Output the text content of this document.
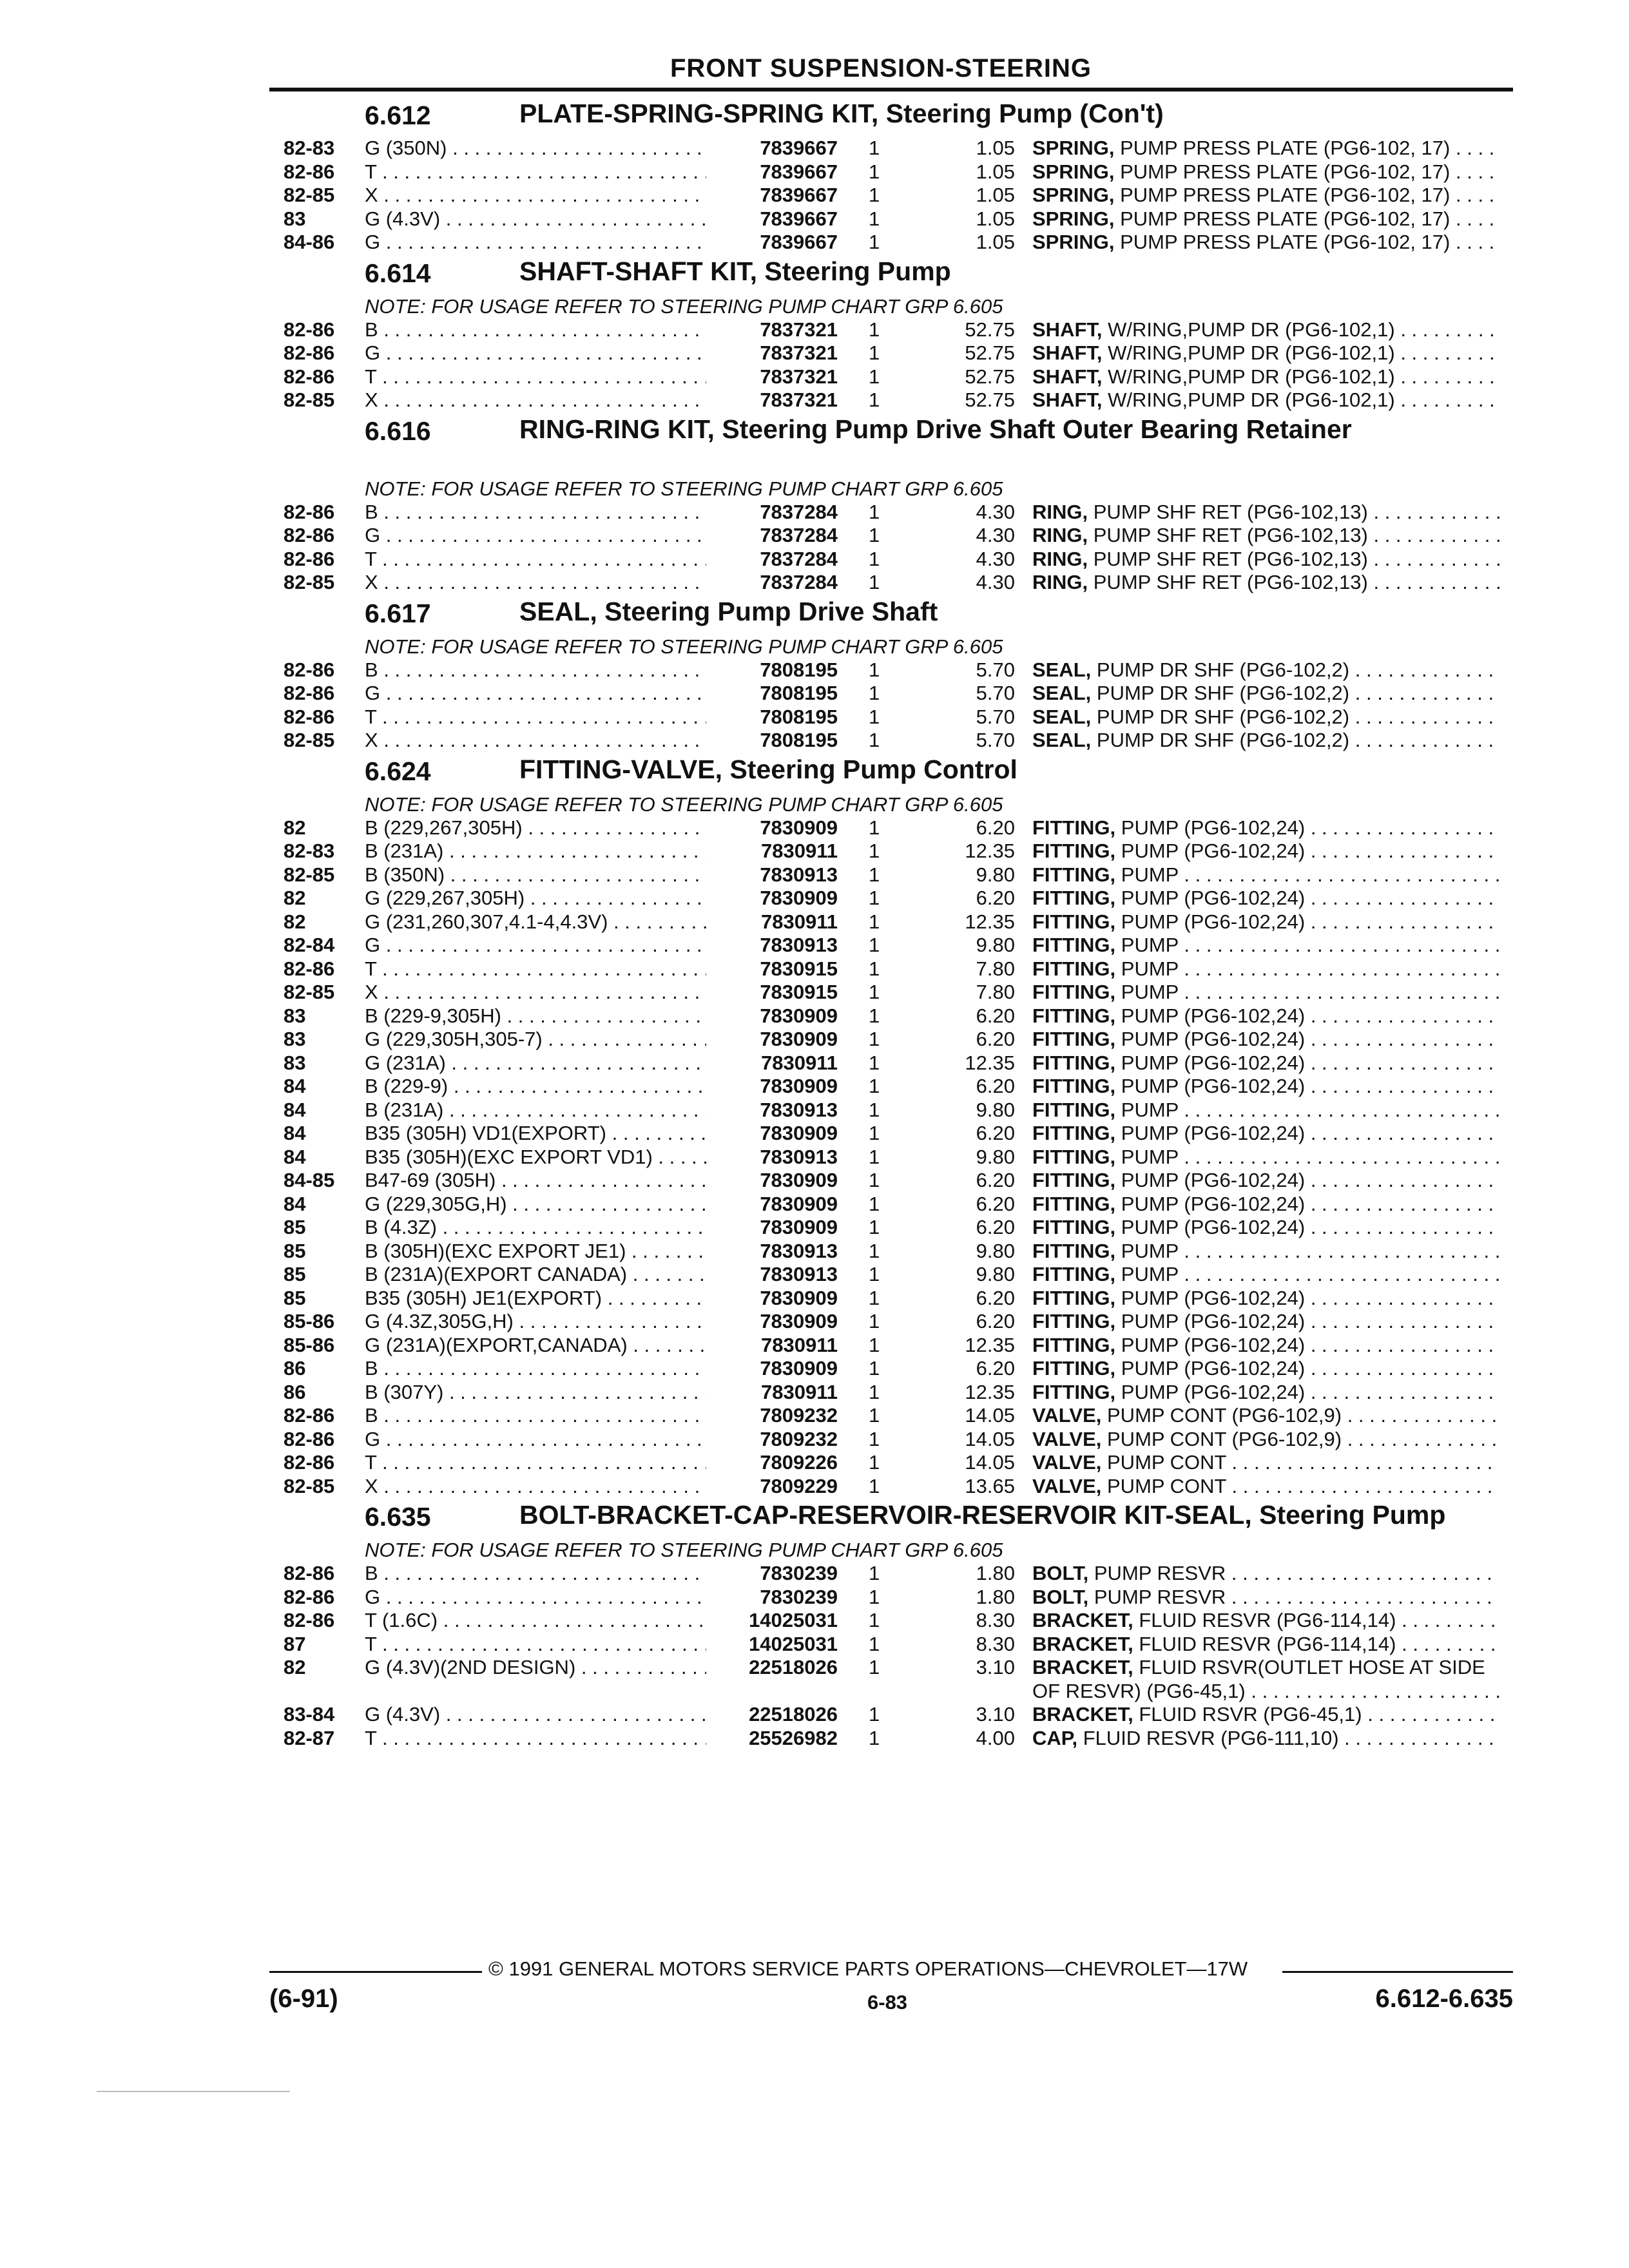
FRONT SUSPENSION-STEERING
6.612	PLATE-SPRING-SPRING KIT, Steering Pump (Con't)
82-83 G (350N) . . .	7839667 1	1.05 SPRING, PUMP PRESS PLATE (PG6-102, 17) . . .
82-86 T . . .	7839667 1	1.05 SPRING, PUMP PRESS PLATE (PG6-102, 17) . . .
82-85 X . . .	7839667 1	1.05 SPRING, PUMP PRESS PLATE (PG6-102, 17) . . .
83	G (4.3V) . . .	7839667 1	1.05 SPRING, PUMP PRESS PLATE (PG6-102, 17) . . .
84-86 G . . .	7839667 1	1.05 SPRING, PUMP PRESS PLATE (PG6-102, 17) . . .
6.614	SHAFT-SHAFT KIT, Steering Pump
NOTE: FOR USAGE REFER TO STEERING PUMP CHART GRP 6.605
82-86 B . . .	7837321 1	52.75 SHAFT, W/RING,PUMP DR (PG6-102,1) . . .
82-86 G . . .	7837321 1	52.75 SHAFT, W/RING,PUMP DR (PG6-102,1) . . .
82-86 T . . .	7837321 1	52.75 SHAFT, W/RING,PUMP DR (PG6-102,1) . . .
82-85 X . . .	7837321 1	52.75 SHAFT, W/RING,PUMP DR (PG6-102,1) . . .
6.616	RING-RING KIT, Steering Pump Drive Shaft Outer Bearing Retainer
NOTE: FOR USAGE REFER TO STEERING PUMP CHART GRP 6.605
82-86 B . . .	7837284 1	4.30 RING, PUMP SHF RET (PG6-102,13) . . .
82-86 G . . .	7837284 1	4.30 RING, PUMP SHF RET (PG6-102,13) . . .
82-86 T . . .	7837284 1	4.30 RING, PUMP SHF RET (PG6-102,13) . . .
82-85 X . . .	7837284 1	4.30 RING, PUMP SHF RET (PG6-102,13) . . .
6.617	SEAL, Steering Pump Drive Shaft
NOTE: FOR USAGE REFER TO STEERING PUMP CHART GRP 6.605
82-86 B . . .	7808195 1	5.70 SEAL, PUMP DR SHF (PG6-102,2) . . .
82-86 G . . .	7808195 1	5.70 SEAL, PUMP DR SHF (PG6-102,2) . . .
82-86 T . . .	7808195 1	5.70 SEAL, PUMP DR SHF (PG6-102,2) . . .
82-85 X . . .	7808195 1	5.70 SEAL, PUMP DR SHF (PG6-102,2) . . .
6.624	FITTING-VALVE, Steering Pump Control
NOTE: FOR USAGE REFER TO STEERING PUMP CHART GRP 6.605
82	B (229,267,305H) . . .	7830909 1	6.20 FITTING, PUMP (PG6-102,24) . . .
82-83 B (231A) . . .	7830911 1	12.35 FITTING, PUMP (PG6-102,24) . . .
82-85 B (350N) . . .	7830913 1	9.80 FITTING, PUMP . . .
82	G (229,267,305H) . . .	7830909 1	6.20 FITTING, PUMP (PG6-102,24) . . .
82	G (231,260,307,4.1-4,4.3V) . . .	7830911 1	12.35 FITTING, PUMP (PG6-102,24) . . .
82-84 G . . .	7830913 1	9.80 FITTING, PUMP . . .
82-86 T . . .	7830915 1	7.80 FITTING, PUMP . . .
82-85 X . . .	7830915 1	7.80 FITTING, PUMP . . .
83	B (229-9,305H) . . .	7830909 1	6.20 FITTING, PUMP (PG6-102,24) . . .
83	G (229,305H,305-7) . . .	7830909 1	6.20 FITTING, PUMP (PG6-102,24) . . .
83	G (231A) . . .	7830911 1	12.35 FITTING, PUMP (PG6-102,24) . . .
84	B (229-9) . . .	7830909 1	6.20 FITTING, PUMP (PG6-102,24) . . .
84	B (231A) . . .	7830913 1	9.80 FITTING, PUMP . . .
84	B35 (305H) VD1(EXPORT) . . .	7830909 1	6.20 FITTING, PUMP (PG6-102,24) . . .
84	B35 (305H)(EXC EXPORT VD1) . . .	7830913 1	9.80 FITTING, PUMP . . .
84-85 B47-69 (305H) . . .	7830909 1	6.20 FITTING, PUMP (PG6-102,24) . . .
84	G (229,305G,H) . . .	7830909 1	6.20 FITTING, PUMP (PG6-102,24) . . .
85	B (4.3Z) . . .	7830909 1	6.20 FITTING, PUMP (PG6-102,24) . . .
85	B (305H)(EXC EXPORT JE1) . . .	7830913 1	9.80 FITTING, PUMP . . .
85	B (231A)(EXPORT CANADA) . . .	7830913 1	9.80 FITTING, PUMP . . .
85	B35 (305H) JE1(EXPORT) . . .	7830909 1	6.20 FITTING, PUMP (PG6-102,24) . . .
85-86 G (4.3Z,305G,H) . . .	7830909 1	6.20 FITTING, PUMP (PG6-102,24) . . .
85-86 G (231A)(EXPORT,CANADA) . . .	7830911 1	12.35 FITTING, PUMP (PG6-102,24) . . .
86	B . . .	7830909 1	6.20 FITTING, PUMP (PG6-102,24) . . .
86	B (307Y) . . .	7830911 1	12.35 FITTING, PUMP (PG6-102,24) . . .
82-86 B . . .	7809232 1	14.05 VALVE, PUMP CONT (PG6-102,9) . . .
82-86 G . . .	7809232 1	14.05 VALVE, PUMP CONT (PG6-102,9) . . .
82-86 T . . .	7809226 1	14.05 VALVE, PUMP CONT . . .
82-85 X . . .	7809229 1	13.65 VALVE, PUMP CONT . . .
6.635	BOLT-BRACKET-CAP-RESERVOIR-RESERVOIR KIT-SEAL, Steering Pump
NOTE: FOR USAGE REFER TO STEERING PUMP CHART GRP 6.605
82-86 B . . .	7830239 1	1.80 BOLT, PUMP RESVR . . .
82-86 G . . .	7830239 1	1.80 BOLT, PUMP RESVR . . .
82-86 T (1.6C) . . .	14025031 1	8.30 BRACKET, FLUID RESVR (PG6-114,14) . . .
87	T . . .	14025031 1	8.30 BRACKET, FLUID RESVR (PG6-114,14) . . .
82	G (4.3V)(2ND DESIGN) . . .	22518026 1	3.10 BRACKET, FLUID RSVR(OUTLET HOSE AT SIDE OF RESVR) (PG6-45,1) . . .
83-84 G (4.3V) . . .	22518026 1	3.10 BRACKET, FLUID RSVR (PG6-45,1) . . .
82-87 T . . .	25526982 1	4.00 CAP, FLUID RESVR (PG6-111,10) . . .
© 1991 GENERAL MOTORS SERVICE PARTS OPERATIONS—CHEVROLET—17W
(6-91)	6-83	6.612-6.635
